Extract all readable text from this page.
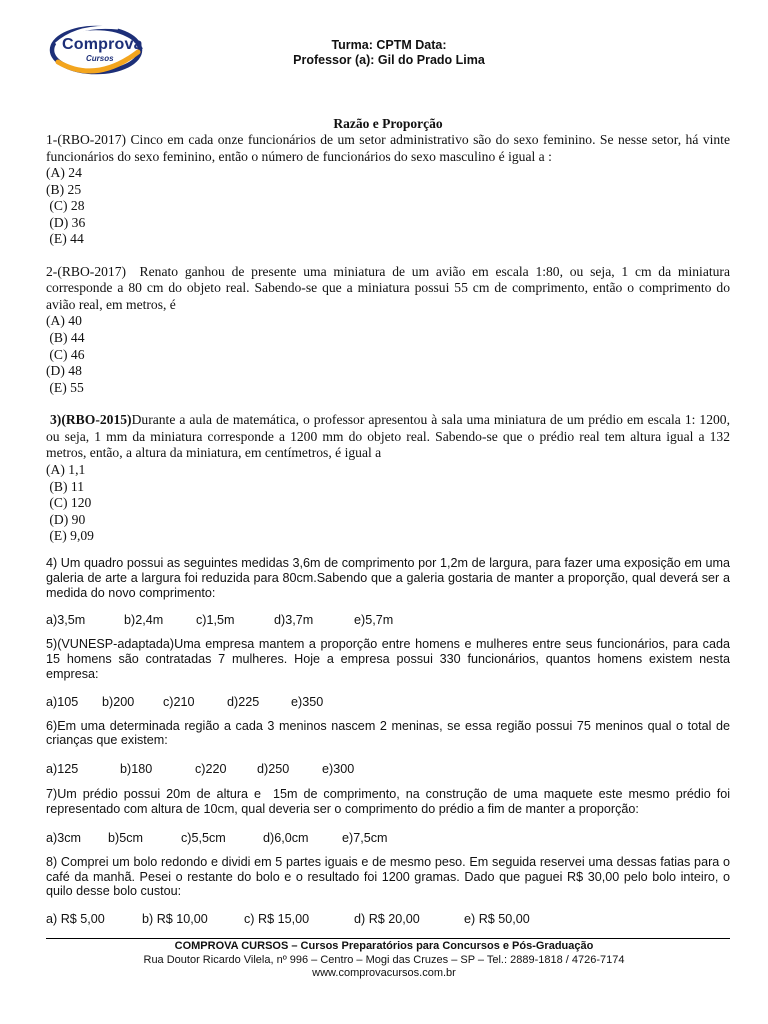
Comprova
Cursos
Turma: CPTM Data:
Professor (a): Gil do Prado Lima
Razão e Proporção
1-(RBO-2017) Cinco em cada onze funcionários de um setor administrativo são do sexo feminino. Se nesse setor, há vinte funcionários do sexo feminino, então o número de funcionários do sexo masculino é igual a :
(A) 24
(B) 25
(C) 28
(D) 36
(E) 44
2-(RBO-2017)  Renato ganhou de presente uma miniatura de um avião em escala 1:80, ou seja, 1 cm da miniatura corresponde a 80 cm do objeto real. Sabendo-se que a miniatura possui 55 cm de comprimento, então o comprimento do avião real, em metros, é
(A) 40
(B) 44
(C) 46
(D) 48
(E) 55
3)(RBO-2015)Durante a aula de matemática, o professor apresentou à sala uma miniatura de um prédio em escala 1: 1200, ou seja, 1 mm da miniatura corresponde a 1200 mm do objeto real. Sabendo-se que o prédio real tem altura igual a 132 metros, então, a altura da miniatura, em centímetros, é igual a
(A) 1,1
(B) 11
(C) 120
(D) 90
(E) 9,09
4) Um quadro possui as seguintes medidas 3,6m de comprimento por 1,2m de largura, para fazer uma exposição em uma galeria de arte a largura foi reduzida para 80cm.Sabendo que a galeria gostaria de manter a proporção, qual deverá ser a medida do novo comprimento:
a)3,5m	b)2,4m	c)1,5m	d)3,7m	e)5,7m
5)(VUNESP-adaptada)Uma empresa mantem a proporção entre homens e mulheres entre seus funcionários, para cada 15 homens são contratadas 7 mulheres. Hoje a empresa possui 330 funcionários, quantos homens existem nesta empresa:
a)105	b)200	c)210	d)225	e)350
6)Em uma determinada região a cada 3 meninos nascem 2 meninas, se essa região possui 75 meninos qual o total de crianças que existem:
a)125	b)180	c)220	d)250	e)300
7)Um prédio possui 20m de altura e  15m de comprimento, na construção de uma maquete este mesmo prédio foi representado com altura de 10cm, qual deveria ser o comprimento do prédio a fim de manter a proporção:
a)3cm	b)5cm	c)5,5cm	d)6,0cm	e)7,5cm
8) Comprei um bolo redondo e dividi em 5 partes iguais e de mesmo peso. Em seguida reservei uma dessas fatias para o café da manhã. Pesei o restante do bolo e o resultado foi 1200 gramas. Dado que paguei R$ 30,00 pelo bolo inteiro, o quilo desse bolo custou:
a) R$ 5,00	b) R$ 10,00	c) R$ 15,00	d) R$ 20,00	e) R$ 50,00
COMPROVA CURSOS – Cursos Preparatórios para Concursos e Pós-Graduação
Rua Doutor Ricardo Vilela, nº 996 – Centro – Mogi das Cruzes – SP – Tel.: 2889-1818 / 4726-7174
www.comprovacursos.com.br
